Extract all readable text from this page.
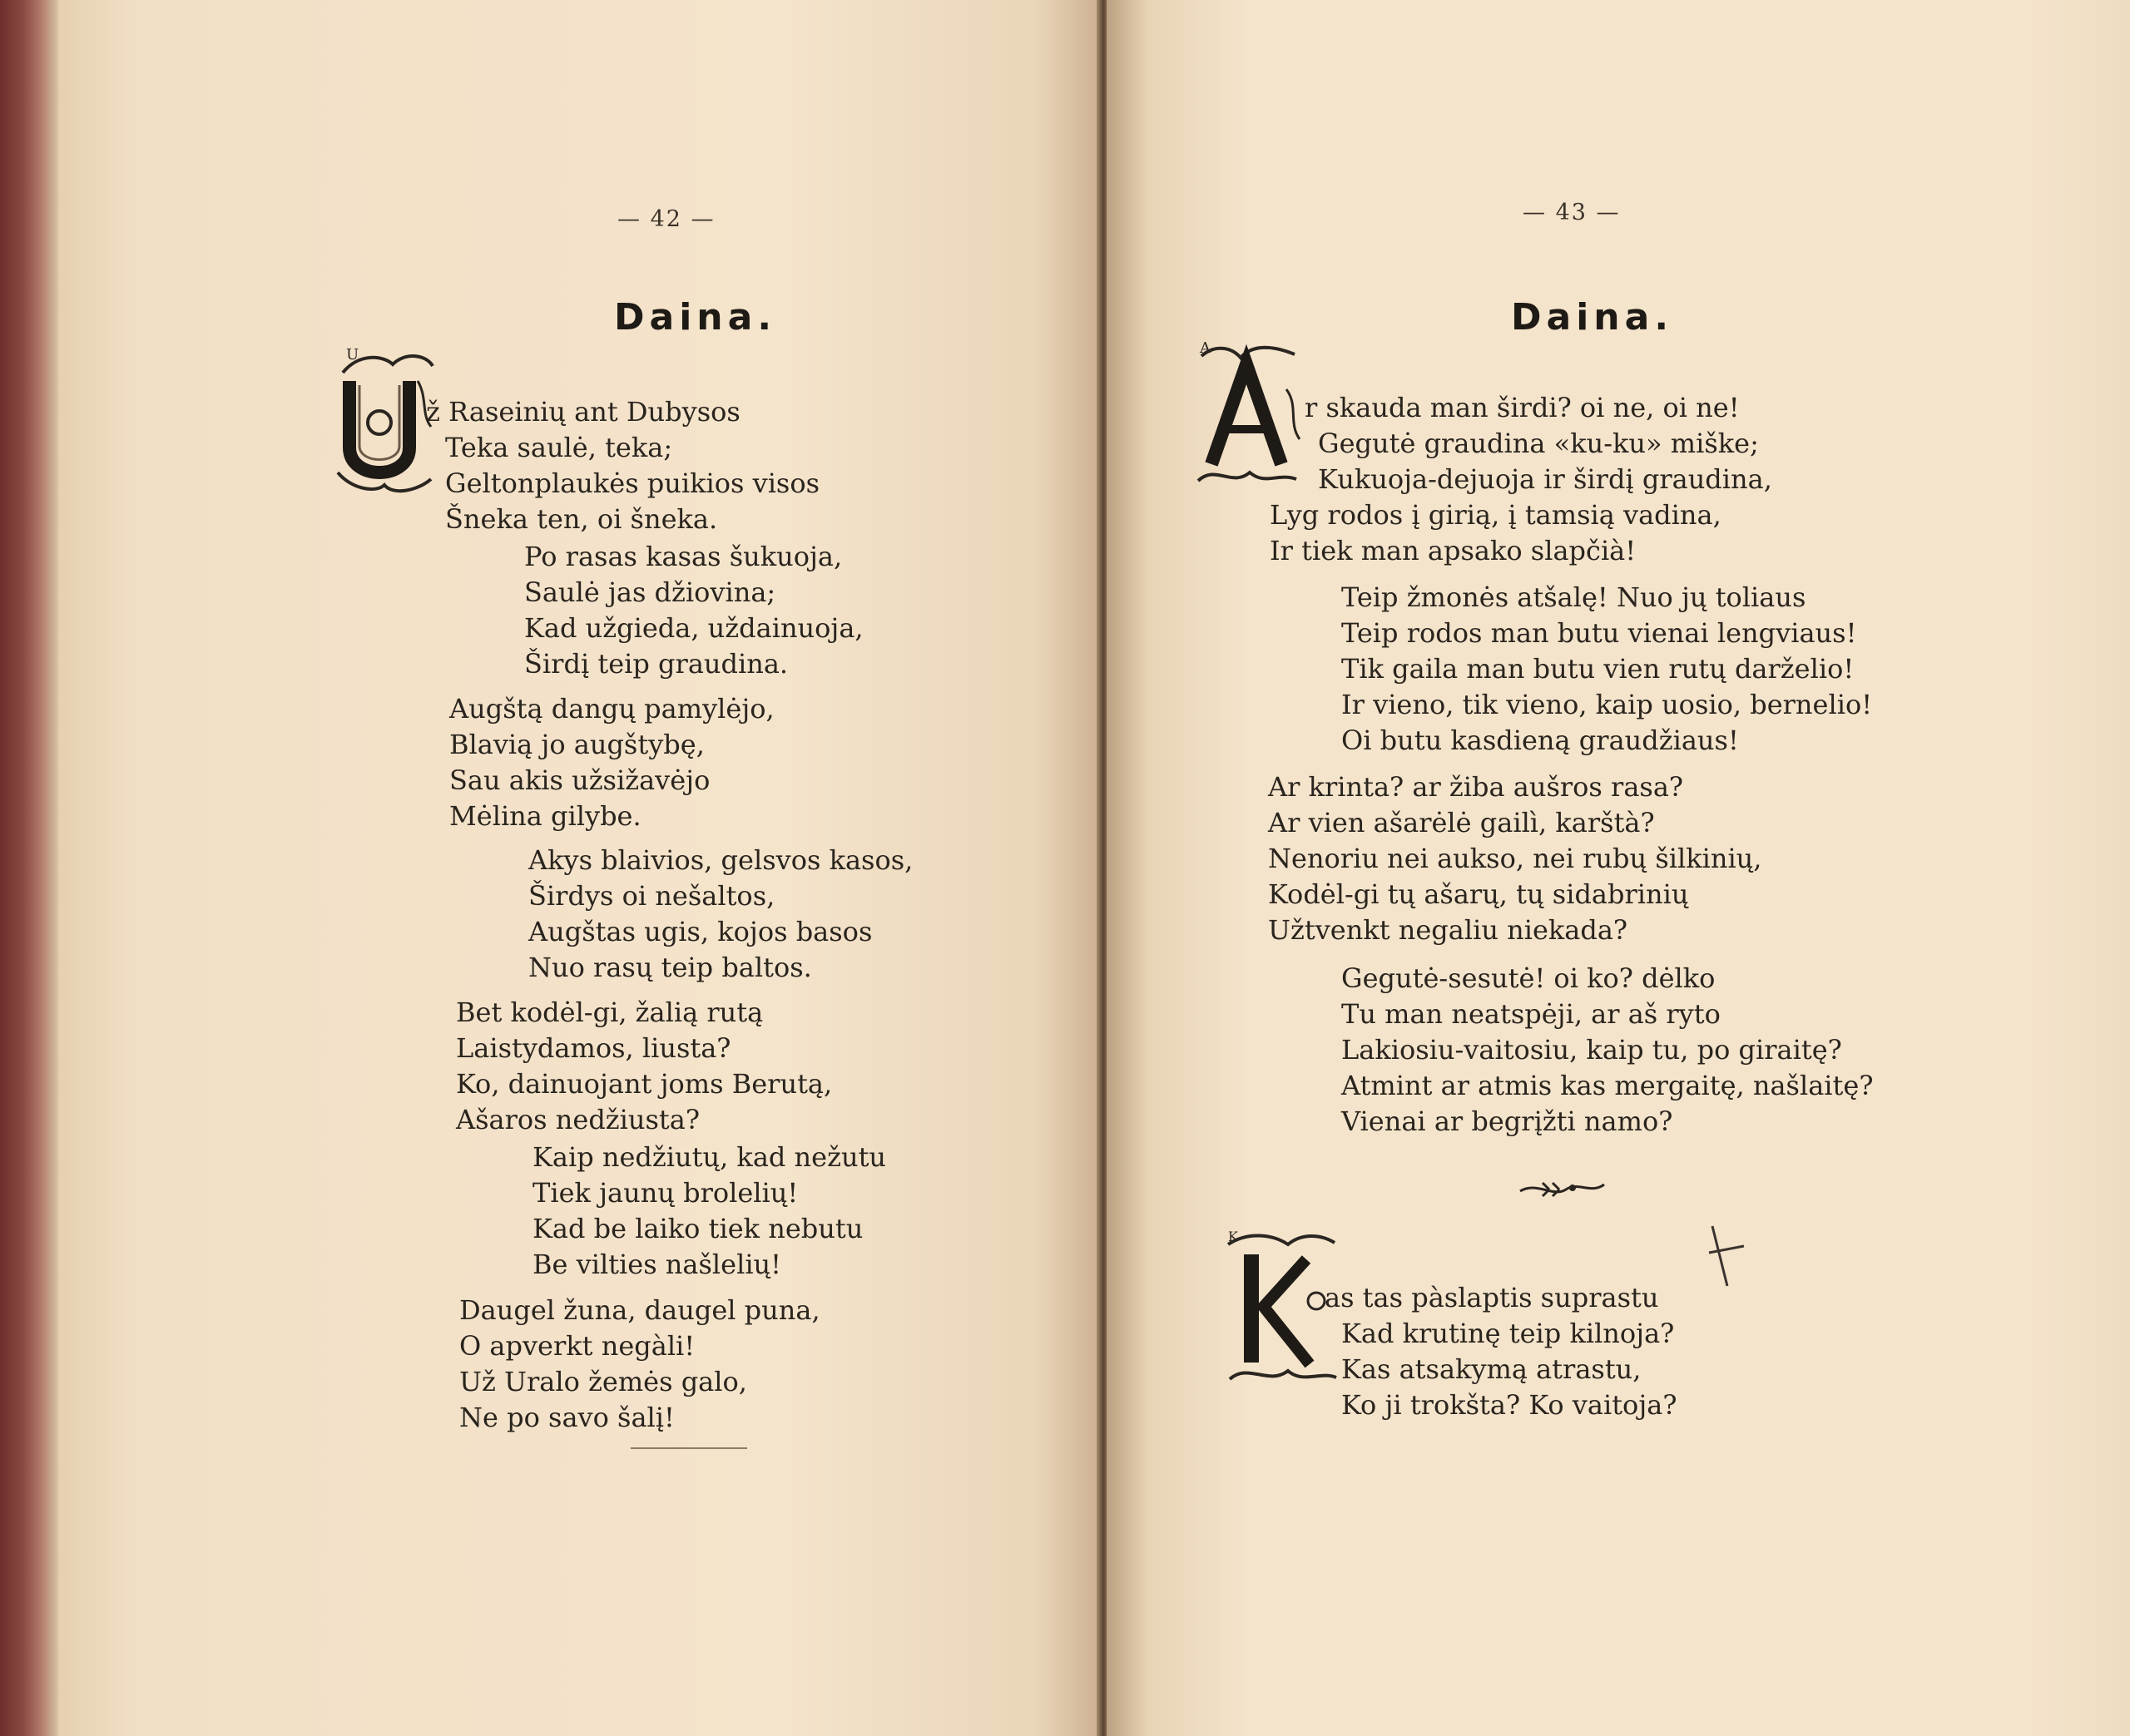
— 42 —
Daina.
U
ž Raseinių ant Dubysos
Teka saulė, teka;
Geltonplaukės puikios visos
Šneka ten, oi šneka.
Po rasas kasas šukuoja,
Saulė jas džiovina;
Kad užgieda, uždainuoja,
Širdį teip graudina.
Augštą dangų pamylėjo,
Blavią jo augštybę,
Sau akis užsižavėjo
Mėlina gilybe.
Akys blaivios, gelsvos kasos,
Širdys oi nešaltos,
Augštas ugis, kojos basos
Nuo rasų teip baltos.
Bet kodėl-gi, žalią rutą
Laistydamos, liusta?
Ko, dainuojant joms Berutą,
Ašaros nedžiusta?
Kaip nedžiutų, kad nežutu
Tiek jaunų brolelių!
Kad be laiko tiek nebutu
Be vilties našlelių!
Daugel žuna, daugel puna,
O apverkt negàli!
Už Uralo žemės galo,
Ne po savo šalį!
— 43 —
Daina.
A
r skauda man širdi? oi ne, oi ne!
Gegutė graudina «ku-ku» miške;
Kukuoja-dejuoja ir širdį graudina,
Lyg rodos į girią, į tamsią vadina,
Ir tiek man apsako slapčià!
Teip žmonės atšalę! Nuo jų toliaus
Teip rodos man butu vienai lengviaus!
Tik gaila man butu vien rutų darželio!
Ir vieno, tik vieno, kaip uosio, bernelio!
Oi butu kasdieną graudžiaus!
Ar krinta? ar žiba aušros rasa?
Ar vien ašarėlė gailì, karštà?
Nenoriu nei aukso, nei rubų šilkinių,
Kodėl-gi tų ašarų, tų sidabrinių
Užtvenkt negaliu niekada?
Gegutė-sesutė! oi ko? dėlko
Tu man neatspėji, ar aš ryto
Lakiosiu-vaitosiu, kaip tu, po giraitę?
Atmint ar atmis kas mergaitę, našlaitę?
Vienai ar begrįžti namo?
K
as tas pàslaptis suprastu
Kad krutinę teip kilnoja?
Kas atsakymą atrastu,
Ko ji trokšta? Ko vaitoja?
